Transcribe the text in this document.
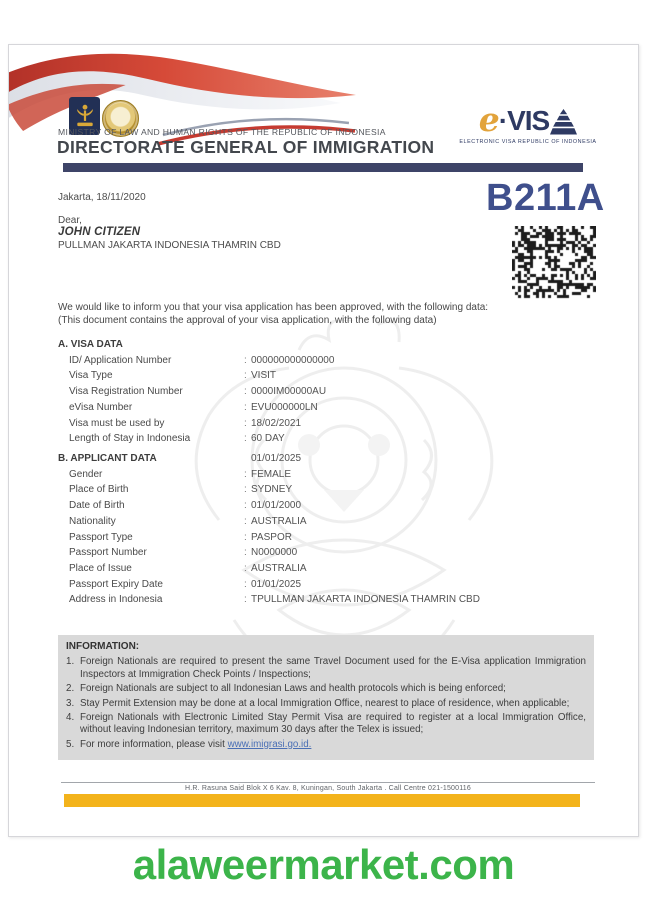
MINISTRY OF LAW AND HUMAN RIGHTS OF THE REPUBLIC OF INDONESIA
DIRECTORATE GENERAL OF IMMIGRATION
e ·VIS
ELECTRONIC VISA REPUBLIC OF INDONESIA
Jakarta, 18/11/2020
Dear,
JOHN CITIZEN
PULLMAN JAKARTA INDONESIA THAMRIN CBD
B211A
We would like to inform you that your visa application has been approved, with the following data:
(This document contains the approval of your visa application, with the following data)
A. VISA DATA
ID/ Application Number	: 000000000000000
Visa Type	: VISIT
Visa Registration Number	: 0000IM00000AU
eVisa Number	: EVU000000LN
Visa must be used by	: 18/02/2021
Length of Stay in Indonesia	: 60 DAY
B. APPLICANT DATA	01/01/2025
Gender	: FEMALE
Place of Birth	: SYDNEY
Date of Birth	: 01/01/2000
Nationality	: AUSTRALIA
Passport Type	: PASPOR
Passport Number	: N0000000
Place of Issue	: AUSTRALIA
Passport Expiry Date	: 01/01/2025
Address in Indonesia	: TPULLMAN JAKARTA INDONESIA THAMRIN CBD
INFORMATION:
1. Foreign Nationals are required to present the same Travel Document used for the E-Visa application Immigration Inspectors at Immigration Check Points / Inspections;
2. Foreign Nationals are subject to all Indonesian Laws and health protocols which is being enforced;
3. Stay Permit Extension may be done at a local Immigration Office, nearest to place of residence, when applicable;
4. Foreign Nationals with Electronic Limited Stay Permit Visa are required to register at a local Immigration Office, without leaving Indonesian territory, maximum 30 days after the Telex is issued;
5. For more information, please visit www.imigrasi.go.id.
H.R. Rasuna Said Blok X 6 Kav. 8, Kuningan, South Jakarta . Call Centre 021-1500116
alaweermarket.com
